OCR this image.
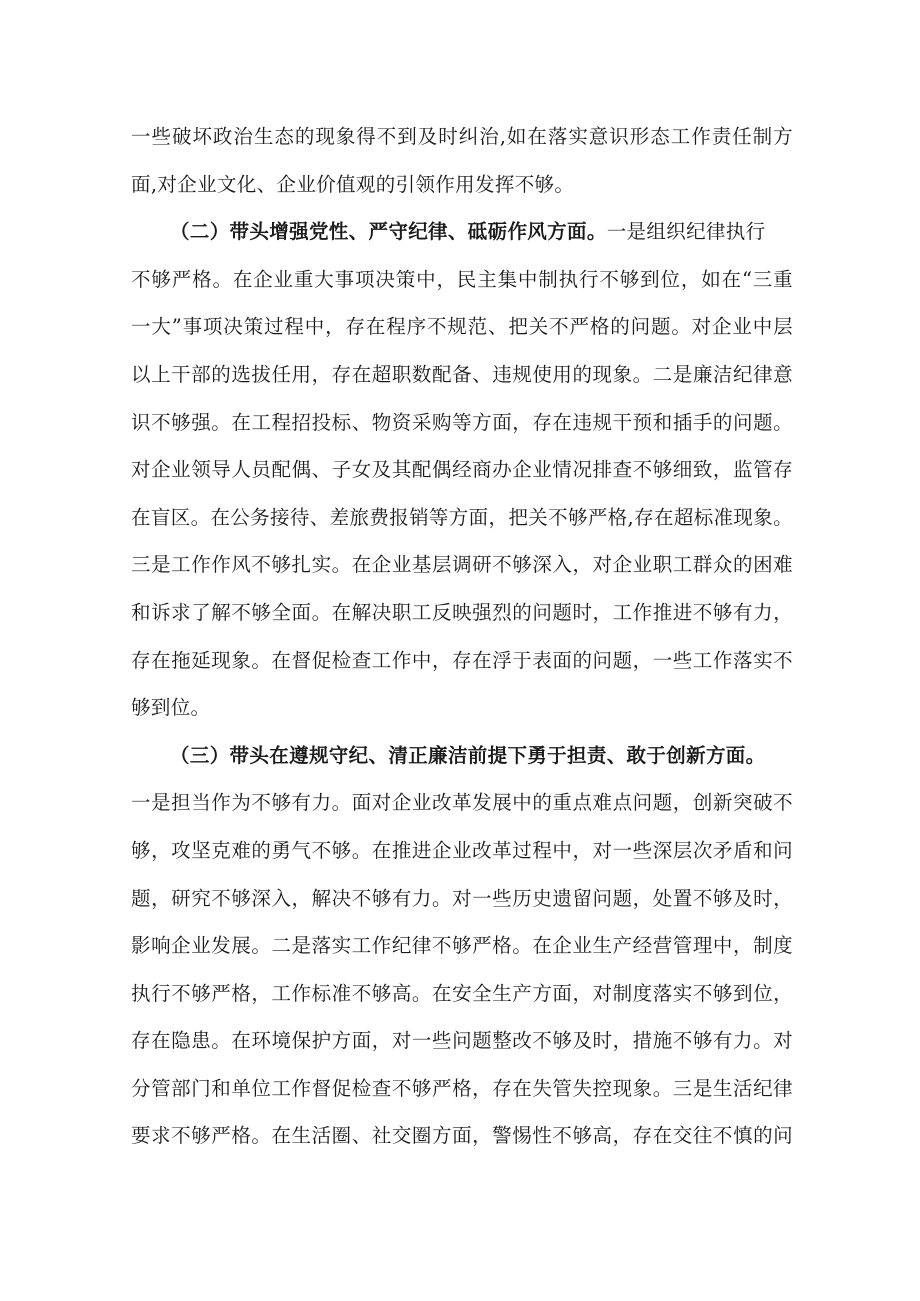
一些破坏政治生态的现象得不到及时纠治,如在落实意识形态工作责任制方
面,对企业文化、企业价值观的引领作用发挥不够。
（二）带头增强党性、严守纪律、砥砺作风方面。一是组织纪律执行
不够严格。在企业重大事项决策中，民主集中制执行不够到位，如在“三重
一大”事项决策过程中，存在程序不规范、把关不严格的问题。对企业中层
以上干部的选拔任用，存在超职数配备、违规使用的现象。二是廉洁纪律意
识不够强。在工程招投标、物资采购等方面，存在违规干预和插手的问题。
对企业领导人员配偶、子女及其配偶经商办企业情况排查不够细致，监管存
在盲区。在公务接待、差旅费报销等方面，把关不够严格,存在超标准现象。
三是工作作风不够扎实。在企业基层调研不够深入，对企业职工群众的困难
和诉求了解不够全面。在解决职工反映强烈的问题时，工作推进不够有力，
存在拖延现象。在督促检查工作中，存在浮于表面的问题，一些工作落实不
够到位。
（三）带头在遵规守纪、清正廉洁前提下勇于担责、敢于创新方面。
一是担当作为不够有力。面对企业改革发展中的重点难点问题，创新突破不
够，攻坚克难的勇气不够。在推进企业改革过程中，对一些深层次矛盾和问
题，研究不够深入，解决不够有力。对一些历史遗留问题，处置不够及时，
影响企业发展。二是落实工作纪律不够严格。在企业生产经营管理中，制度
执行不够严格，工作标准不够高。在安全生产方面，对制度落实不够到位，
存在隐患。在环境保护方面，对一些问题整改不够及时，措施不够有力。对
分管部门和单位工作督促检查不够严格，存在失管失控现象。三是生活纪律
要求不够严格。在生活圈、社交圈方面，警惕性不够高，存在交往不慎的问
